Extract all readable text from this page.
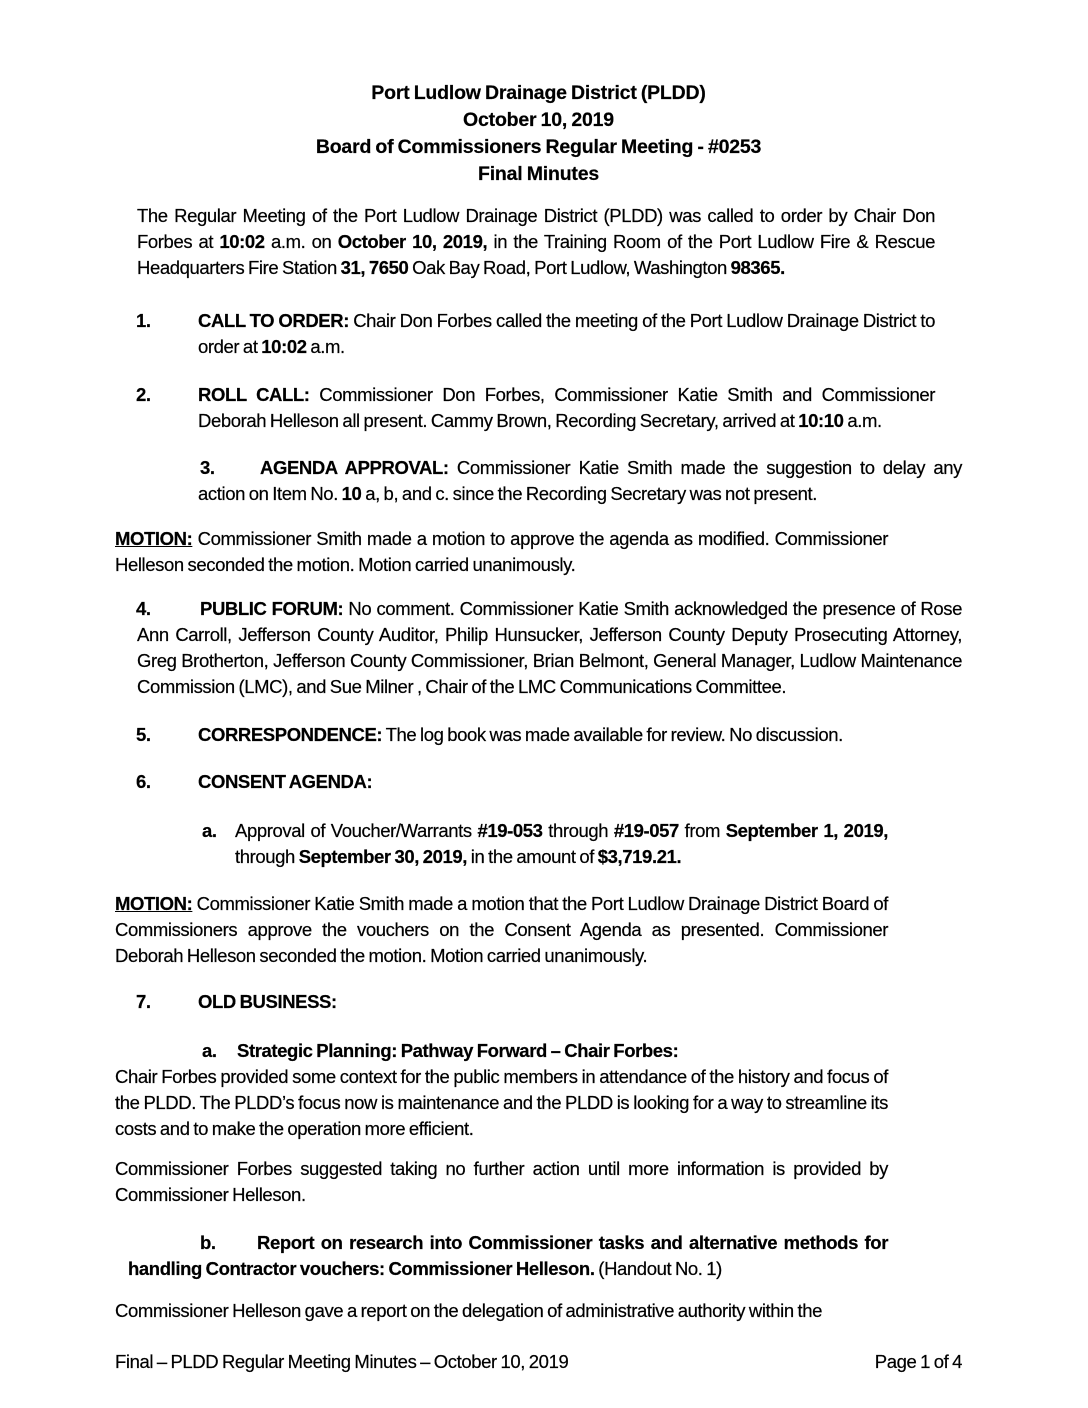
Port Ludlow Drainage District (PLDD)
October 10, 2019
Board of Commissioners Regular Meeting - #0253
Final Minutes

The Regular Meeting of the Port Ludlow Drainage District (PLDD) was called to order by Chair Don Forbes at 10:02 a.m. on October 10, 2019, in the Training Room of the Port Ludlow Fire & Rescue Headquarters Fire Station 31, 7650 Oak Bay Road, Port Ludlow, Washington 98365.

1.	CALL TO ORDER: Chair Don Forbes called the meeting of the Port Ludlow Drainage District to order at 10:02 a.m.
2.	ROLL CALL: Commissioner Don Forbes, Commissioner Katie Smith and Commissioner Deborah Helleson all present. Cammy Brown, Recording Secretary, arrived at 10:10 a.m.
3.	AGENDA APPROVAL: Commissioner Katie Smith made the suggestion to delay any action on Item No. 10 a, b, and c. since the Recording Secretary was not present.

MOTION: Commissioner Smith made a motion to approve the agenda as modified. Commissioner Helleson seconded the motion. Motion carried unanimously.

4.	PUBLIC FORUM: No comment. Commissioner Katie Smith acknowledged the presence of Rose Ann Carroll, Jefferson County Auditor, Philip Hunsucker, Jefferson County Deputy Prosecuting Attorney, Greg Brotherton, Jefferson County Commissioner, Brian Belmont, General Manager, Ludlow Maintenance Commission (LMC), and Sue Milner , Chair of the LMC Communications Committee.
5.	CORRESPONDENCE: The log book was made available for review. No discussion.
6.	CONSENT AGENDA:
a. Approval of Voucher/Warrants #19-053 through #19-057 from September 1, 2019, through September 30, 2019, in the amount of $3,719.21.

MOTION: Commissioner Katie Smith made a motion that the Port Ludlow Drainage District Board of Commissioners approve the vouchers on the Consent Agenda as presented. Commissioner Deborah Helleson seconded the motion. Motion carried unanimously.

7.	OLD BUSINESS:
a. Strategic Planning: Pathway Forward – Chair Forbes:

Chair Forbes provided some context for the public members in attendance of the history and focus of the PLDD. The PLDD’s focus now is maintenance and the PLDD is looking for a way to streamline its costs and to make the operation more efficient.

Commissioner Forbes suggested taking no further action until more information is provided by Commissioner Helleson.

b.	Report on research into Commissioner tasks and alternative methods for handling Contractor vouchers: Commissioner Helleson. (Handout No. 1)

Commissioner Helleson gave a report on the delegation of administrative authority within the

Final – PLDD Regular Meeting Minutes – October 10, 2019	Page 1 of 4
